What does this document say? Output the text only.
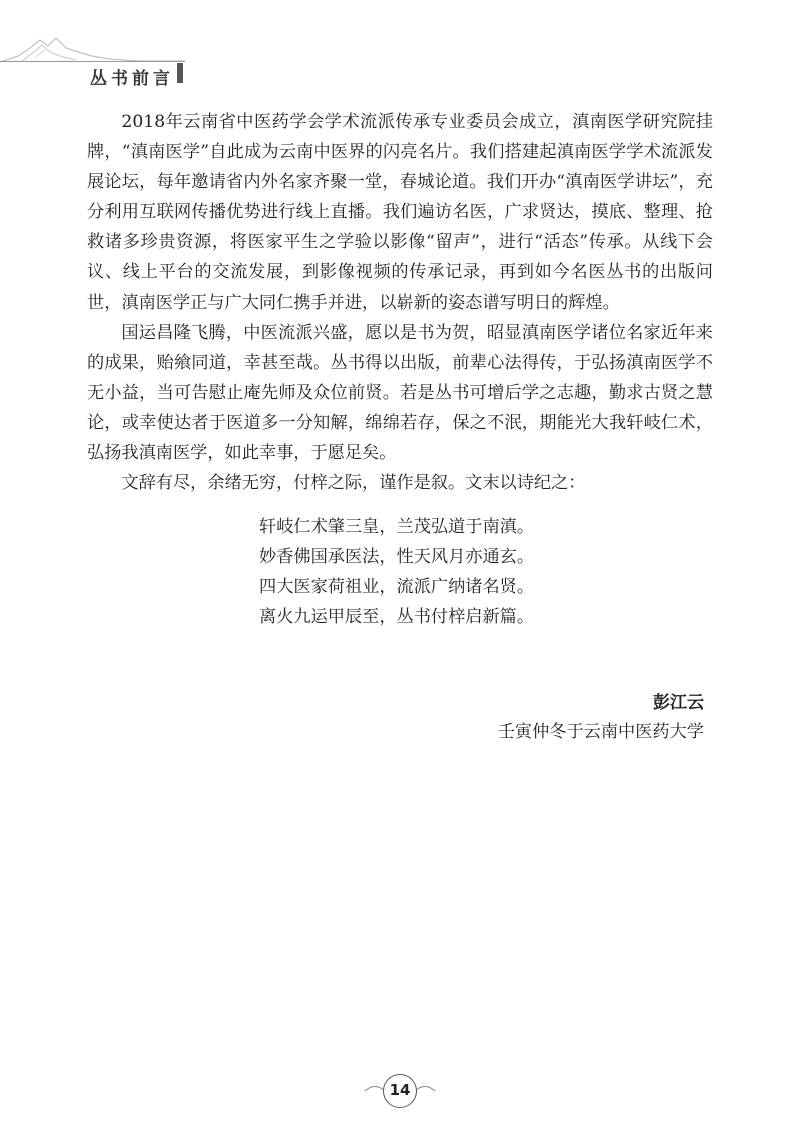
丛书前言

2018年云南省中医药学会学术流派传承专业委员会成立，滇南医学研究院挂牌，“滇南医学”自此成为云南中医界的闪亮名片。我们搭建起滇南医学学术流派发展论坛，每年邀请省内外名家齐聚一堂，春城论道。我们开办“滇南医学讲坛”，充分利用互联网传播优势进行线上直播。我们遍访名医，广求贤达，摸底、整理、抢救诸多珍贵资源，将医家平生之学验以影像“留声”，进行“活态”传承。从线下会议、线上平台的交流发展，到影像视频的传承记录，再到如今名医丛书的出版问世，滇南医学正与广大同仁携手并进，以崭新的姿态谱写明日的辉煌。

国运昌隆飞腾，中医流派兴盛，愿以是书为贺，昭显滇南医学诸位名家近年来的成果，贻飨同道，幸甚至哉。丛书得以出版，前辈心法得传，于弘扬滇南医学不无小益，当可告慰止庵先师及众位前贤。若是丛书可增后学之志趣，勤求古贤之慧论，或幸使达者于医道多一分知解，绵绵若存，保之不泯，期能光大我轩岐仁术，弘扬我滇南医学，如此幸事，于愿足矣。

文辞有尽，余绪无穷，付梓之际，谨作是叙。文末以诗纪之：

轩岐仁术肇三皇，兰茂弘道于南滇。
妙香佛国承医法，性天风月亦通玄。
四大医家荷祖业，流派广纳诸名贤。
离火九运甲辰至，丛书付梓启新篇。
彭江云
壬寅仲冬于云南中医药大学
14
